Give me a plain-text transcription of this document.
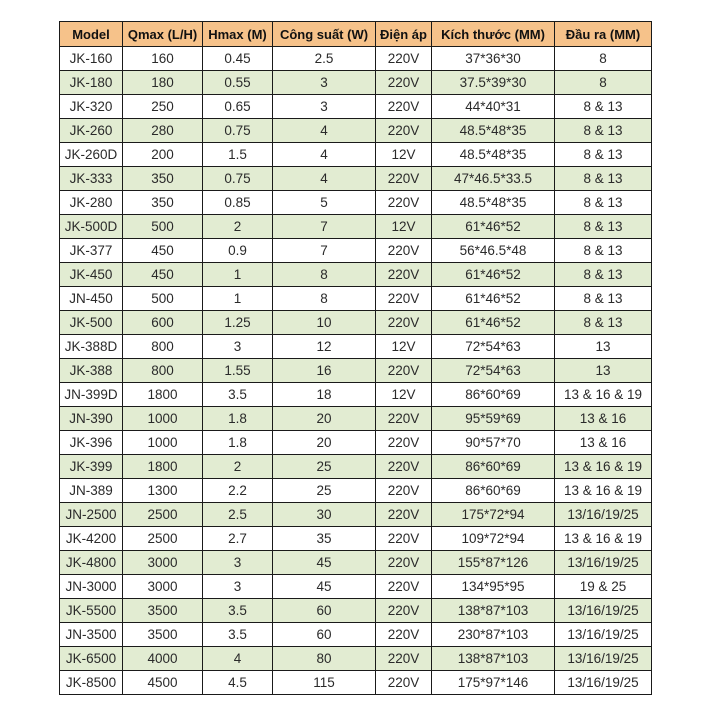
Model	Qmax (L/H)	Hmax (M)	Công suất (W)	Điện áp	Kích thước (MM)	Đầu ra (MM)
JK-160	160	0.45	2.5	220V	37*36*30	8
JK-180	180	0.55	3	220V	37.5*39*30	8
JK-320	250	0.65	3	220V	44*40*31	8 & 13
JK-260	280	0.75	4	220V	48.5*48*35	8 & 13
JK-260D	200	1.5	4	12V	48.5*48*35	8 & 13
JK-333	350	0.75	4	220V	47*46.5*33.5	8 & 13
JK-280	350	0.85	5	220V	48.5*48*35	8 & 13
JK-500D	500	2	7	12V	61*46*52	8 & 13
JK-377	450	0.9	7	220V	56*46.5*48	8 & 13
JK-450	450	1	8	220V	61*46*52	8 & 13
JN-450	500	1	8	220V	61*46*52	8 & 13
JK-500	600	1.25	10	220V	61*46*52	8 & 13
JK-388D	800	3	12	12V	72*54*63	13
JK-388	800	1.55	16	220V	72*54*63	13
JN-399D	1800	3.5	18	12V	86*60*69	13 & 16 & 19
JN-390	1000	1.8	20	220V	95*59*69	13 & 16
JK-396	1000	1.8	20	220V	90*57*70	13 & 16
JK-399	1800	2	25	220V	86*60*69	13 & 16 & 19
JN-389	1300	2.2	25	220V	86*60*69	13 & 16 & 19
JN-2500	2500	2.5	30	220V	175*72*94	13/16/19/25
JK-4200	2500	2.7	35	220V	109*72*94	13 & 16 & 19
JK-4800	3000	3	45	220V	155*87*126	13/16/19/25
JN-3000	3000	3	45	220V	134*95*95	19 & 25
JK-5500	3500	3.5	60	220V	138*87*103	13/16/19/25
JN-3500	3500	3.5	60	220V	230*87*103	13/16/19/25
JK-6500	4000	4	80	220V	138*87*103	13/16/19/25
JK-8500	4500	4.5	115	220V	175*97*146	13/16/19/25
